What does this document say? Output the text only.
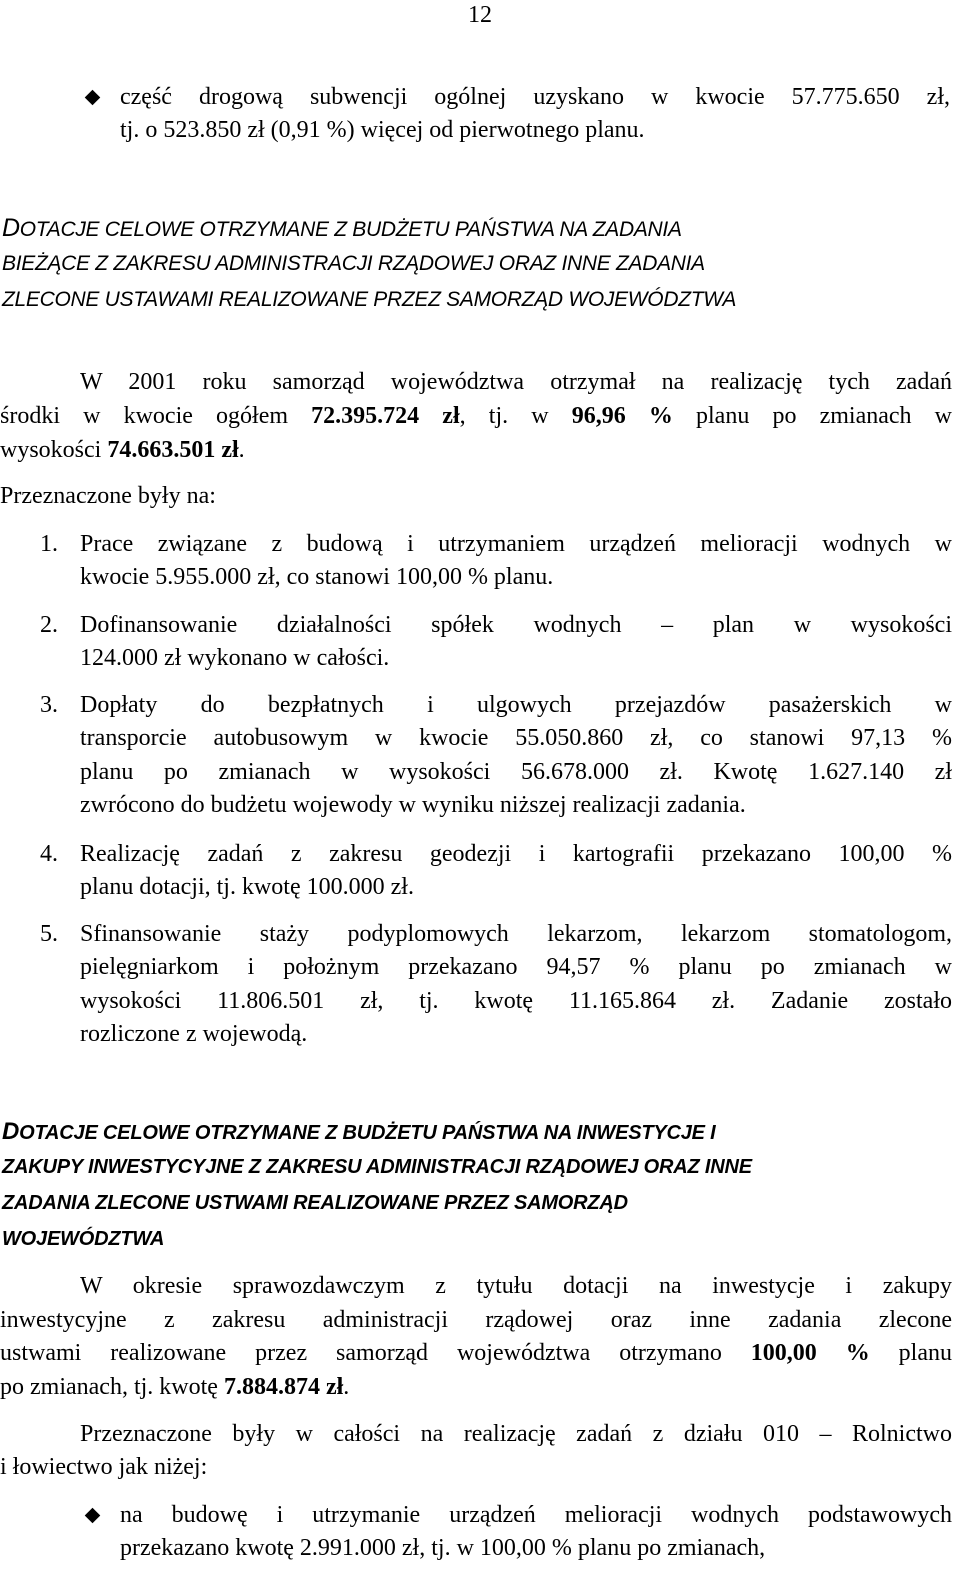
12
część drogową subwencji ogólnej uzyskano w kwocie 57.775.650 zł,
tj. o 523.850 zł (0,91 %) więcej od pierwotnego planu.
DOTACJE CELOWE OTRZYMANE Z BUDŻETU PAŃSTWA NA ZADANIA
BIEŻĄCE Z ZAKRESU ADMINISTRACJI RZĄDOWEJ ORAZ INNE ZADANIA
ZLECONE USTAWAMI REALIZOWANE PRZEZ SAMORZĄD WOJEWÓDZTWA
W 2001 roku samorząd województwa otrzymał na realizację tych zadań
środki w kwocie ogółem 72.395.724 zł, tj. w 96,96 % planu po zmianach w
wysokości 74.663.501 zł.
Przeznaczone były na:
1. Prace związane z budową i utrzymaniem urządzeń melioracji wodnych w
kwocie 5.955.000 zł, co stanowi 100,00 % planu.
2. Dofinansowanie działalności spółek wodnych – plan w wysokości
124.000 zł wykonano w całości.
3. Dopłaty do bezpłatnych i ulgowych przejazdów pasażerskich w
transporcie autobusowym w kwocie 55.050.860 zł, co stanowi 97,13 %
planu po zmianach w wysokości 56.678.000 zł. Kwotę 1.627.140 zł
zwrócono do budżetu wojewody w wyniku niższej realizacji zadania.
4. Realizację zadań z zakresu geodezji i kartografii przekazano 100,00 %
planu dotacji, tj. kwotę 100.000 zł.
5. Sfinansowanie staży podyplomowych lekarzom, lekarzom stomatologom,
pielęgniarkom i położnym przekazano 94,57 % planu po zmianach w
wysokości 11.806.501 zł, tj. kwotę 11.165.864 zł. Zadanie zostało
rozliczone z wojewodą.
DOTACJE CELOWE OTRZYMANE Z BUDŻETU PAŃSTWA NA INWESTYCJE I
ZAKUPY INWESTYCYJNE Z ZAKRESU ADMINISTRACJI RZĄDOWEJ ORAZ INNE
ZADANIA ZLECONE USTWAMI REALIZOWANE PRZEZ SAMORZĄD
WOJEWÓDZTWA
W okresie sprawozdawczym z tytułu dotacji na inwestycje i zakupy
inwestycyjne z zakresu administracji rządowej oraz inne zadania zlecone
ustwami realizowane przez samorząd województwa otrzymano 100,00 % planu
po zmianach, tj. kwotę 7.884.874 zł.
Przeznaczone były w całości na realizację zadań z działu 010 – Rolnictwo
i łowiectwo jak niżej:
na budowę i utrzymanie urządzeń melioracji wodnych podstawowych
przekazano kwotę 2.991.000 zł, tj. w 100,00 % planu po zmianach,
